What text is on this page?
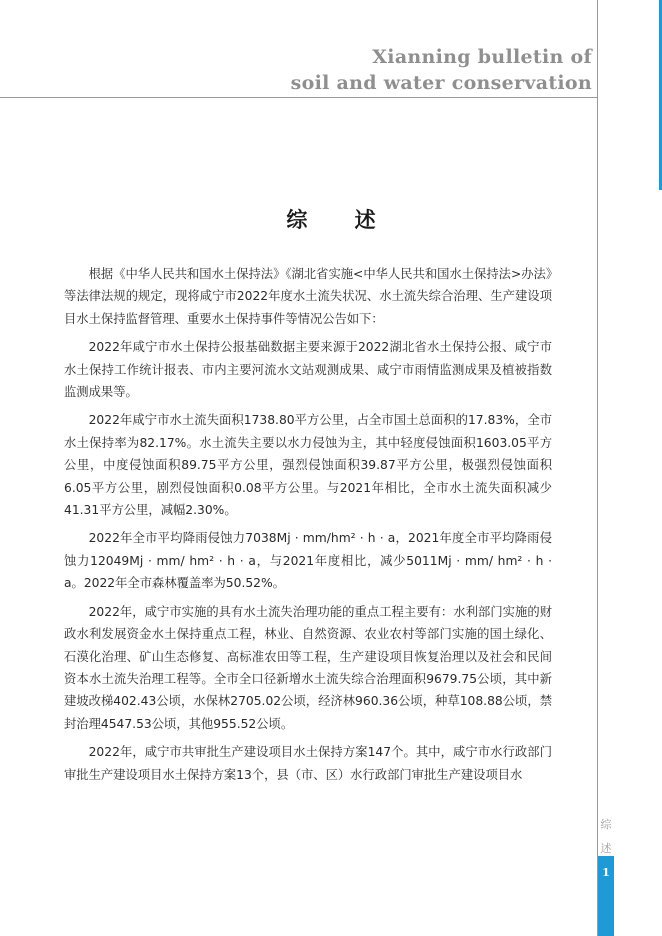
Xianning bulletin of
soil and water conservation
综 述

根据《中华人民共和国水土保持法》《湖北省实施<中华人民共和国水土保持法>办法》等法律法规的规定，现将咸宁市2022年度水土流失状况、水土流失综合治理、生产建设项目水土保持监督管理、重要水土保持事件等情况公告如下：

2022年咸宁市水土保持公报基础数据主要来源于2022湖北省水土保持公报、咸宁市水土保持工作统计报表、市内主要河流水文站观测成果、咸宁市雨情监测成果及植被指数监测成果等。

2022年咸宁市水土流失面积1738.80平方公里，占全市国土总面积的17.83%，全市水土保持率为82.17%。水土流失主要以水力侵蚀为主，其中轻度侵蚀面积1603.05平方公里，中度侵蚀面积89.75平方公里，强烈侵蚀面积39.87平方公里，极强烈侵蚀面积6.05平方公里，剧烈侵蚀面积0.08平方公里。与2021年相比，全市水土流失面积减少41.31平方公里，减幅2.30%。

2022年全市平均降雨侵蚀力7038Mj · mm/hm² · h · a，2021年度全市平均降雨侵蚀力12049Mj · mm/ hm² · h · a，与2021年度相比，减少5011Mj · mm/ hm² · h · a。2022年全市森林覆盖率为50.52%。

2022年，咸宁市实施的具有水土流失治理功能的重点工程主要有：水利部门实施的财政水利发展资金水土保持重点工程，林业、自然资源、农业农村等部门实施的国土绿化、石漠化治理、矿山生态修复、高标准农田等工程，生产建设项目恢复治理以及社会和民间资本水土流失治理工程等。全市全口径新增水土流失综合治理面积9679.75公顷，其中新建坡改梯402.43公顷，水保林2705.02公顷，经济林960.36公顷，种草108.88公顷，禁封治理4547.53公顷，其他955.52公顷。

2022年，咸宁市共审批生产建设项目水土保持方案147个。其中，咸宁市水行政部门审批生产建设项目水土保持方案13个，县（市、区）水行政部门审批生产建设项目水

综
述
1
